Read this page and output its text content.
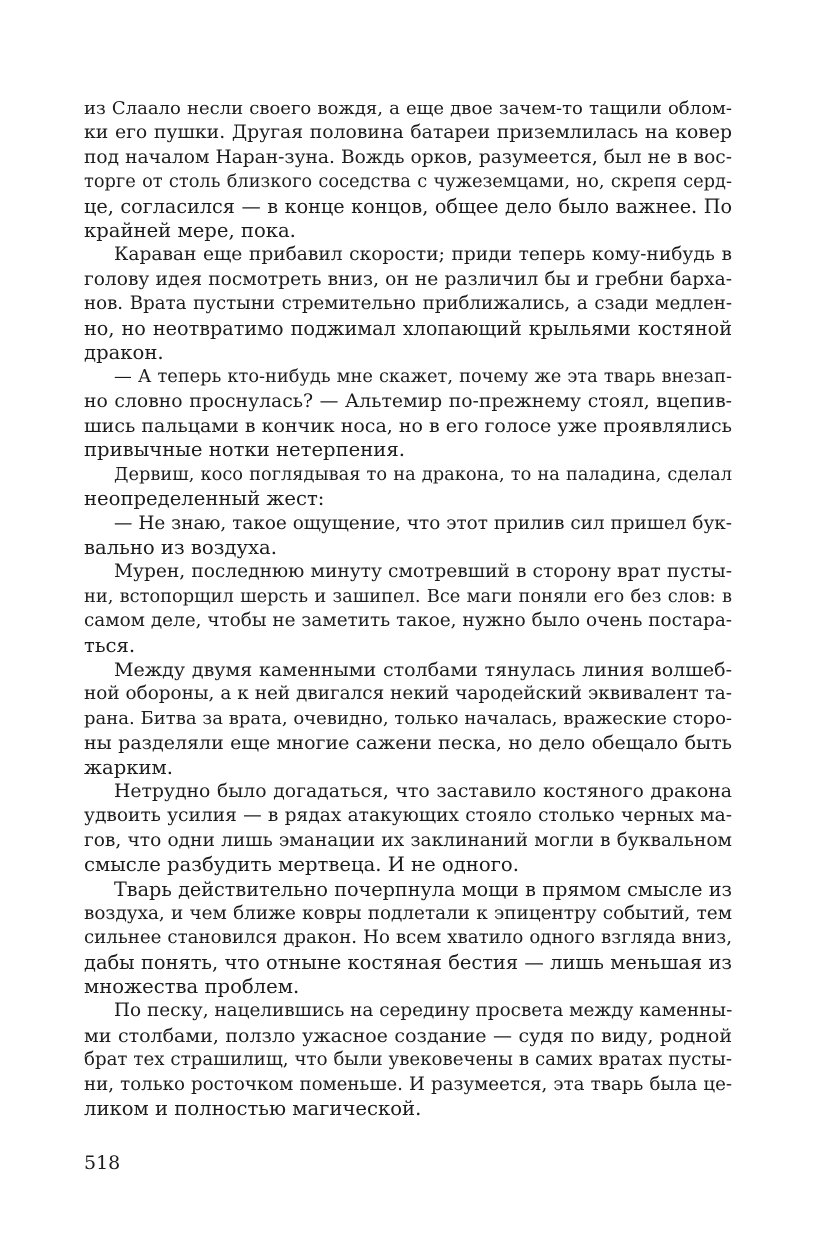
из Слаало несли своего вождя, а еще двое зачем-то тащили облом-
ки его пушки. Другая половина батареи приземлилась на ковер
под началом Наран-зуна. Вождь орков, разумеется, был не в вос-
торге от столь близкого соседства с чужеземцами, но, скрепя серд-
це, согласился — в конце концов, общее дело было важнее. По
крайней мере, пока.
Караван еще прибавил скорости; приди теперь кому-нибудь в
голову идея посмотреть вниз, он не различил бы и гребни барха-
нов. Врата пустыни стремительно приближались, а сзади медлен-
но, но неотвратимо поджимал хлопающий крыльями костяной
дракон.
— А теперь кто-нибудь мне скажет, почему же эта тварь внезап-
но словно проснулась? — Альтемир по-прежнему стоял, вцепив-
шись пальцами в кончик носа, но в его голосе уже проявлялись
привычные нотки нетерпения.
Дервиш, косо поглядывая то на дракона, то на паладина, сделал
неопределенный жест:
— Не знаю, такое ощущение, что этот прилив сил пришел бук-
вально из воздуха.
Мурен, последнюю минуту смотревший в сторону врат пусты-
ни, встопорщил шерсть и зашипел. Все маги поняли его без слов: в
самом деле, чтобы не заметить такое, нужно было очень постара-
ться.
Между двумя каменными столбами тянулась линия волшеб-
ной обороны, а к ней двигался некий чародейский эквивалент та-
рана. Битва за врата, очевидно, только началась, вражеские сторо-
ны разделяли еще многие сажени песка, но дело обещало быть
жарким.
Нетрудно было догадаться, что заставило костяного дракона
удвоить усилия — в рядах атакующих стояло столько черных ма-
гов, что одни лишь эманации их заклинаний могли в буквальном
смысле разбудить мертвеца. И не одного.
Тварь действительно почерпнула мощи в прямом смысле из
воздуха, и чем ближе ковры подлетали к эпицентру событий, тем
сильнее становился дракон. Но всем хватило одного взгляда вниз,
дабы понять, что отныне костяная бестия — лишь меньшая из
множества проблем.
По песку, нацелившись на середину просвета между каменны-
ми столбами, ползло ужасное создание — судя по виду, родной
брат тех страшилищ, что были увековечены в самих вратах пусты-
ни, только росточком поменьше. И разумеется, эта тварь была це-
ликом и полностью магической.
518
